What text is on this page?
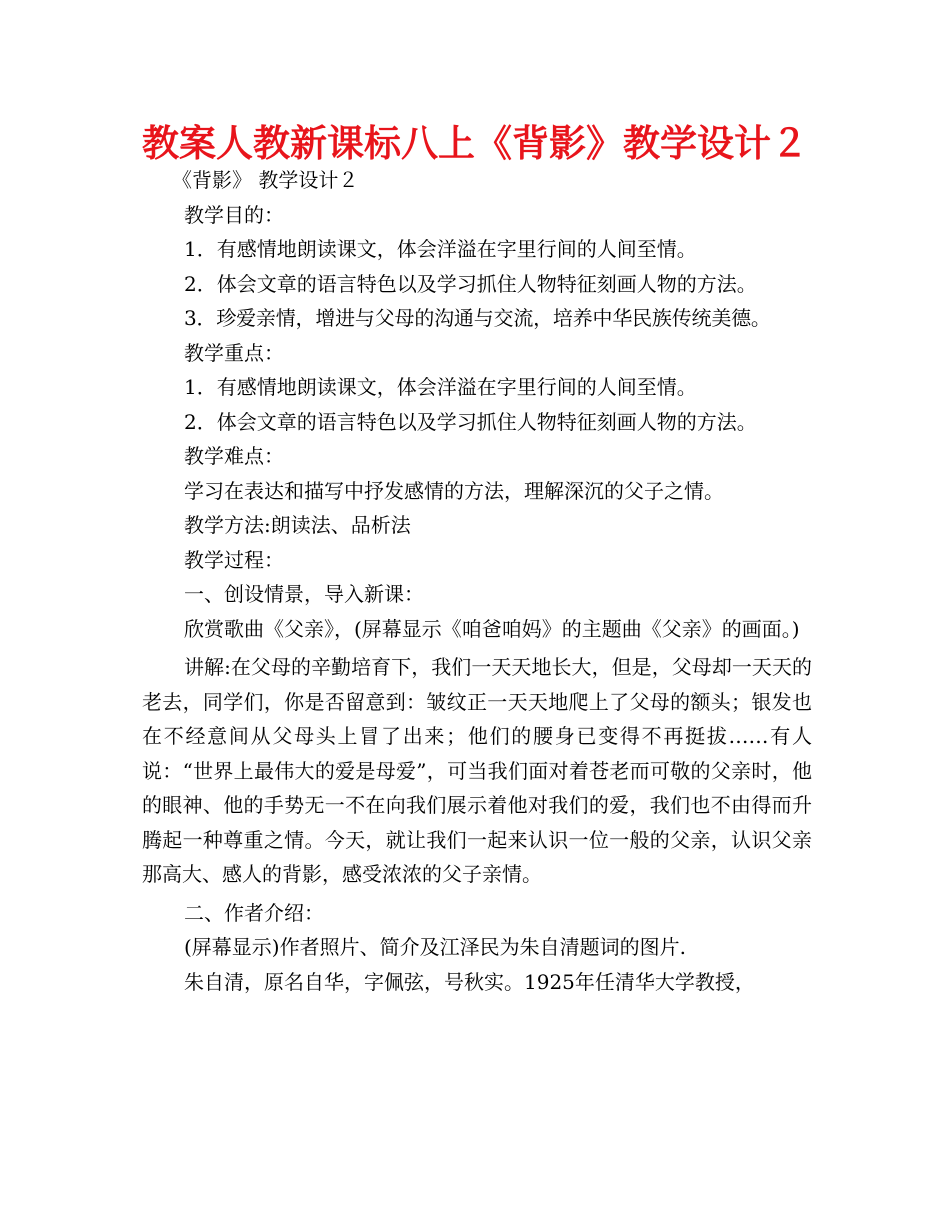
教案人教新课标八上《背影》教学设计２

《背影》 教学设计２

教学目的：

1．有感情地朗读课文，体会洋溢在字里行间的人间至情。

2．体会文章的语言特色以及学习抓住人物特征刻画人物的方法。

3．珍爱亲情，增进与父母的沟通与交流，培养中华民族传统美德。

教学重点：

1．有感情地朗读课文，体会洋溢在字里行间的人间至情。

2．体会文章的语言特色以及学习抓住人物特征刻画人物的方法。

教学难点：

学习在表达和描写中抒发感情的方法，理解深沉的父子之情。

教学方法:朗读法、品析法

教学过程：

一、创设情景，导入新课：

欣赏歌曲《父亲》，(屏幕显示《咱爸咱妈》的主题曲《父亲》的画面。)

讲解:在父母的辛勤培育下，我们一天天地长大，但是，父母却一天天的老去，同学们，你是否留意到：皱纹正一天天地爬上了父母的额头；银发也在不经意间从父母头上冒了出来；他们的腰身已变得不再挺拔……有人说：“世界上最伟大的爱是母爱”，可当我们面对着苍老而可敬的父亲时，他的眼神、他的手势无一不在向我们展示着他对我们的爱，我们也不由得而升腾起一种尊重之情。今天，就让我们一起来认识一位一般的父亲，认识父亲那高大、感人的背影，感受浓浓的父子亲情。

二、作者介绍：

(屏幕显示)作者照片、简介及江泽民为朱自清题词的图片.

朱自清，原名自华，字佩弦，号秋实。1925年任清华大学教授，
